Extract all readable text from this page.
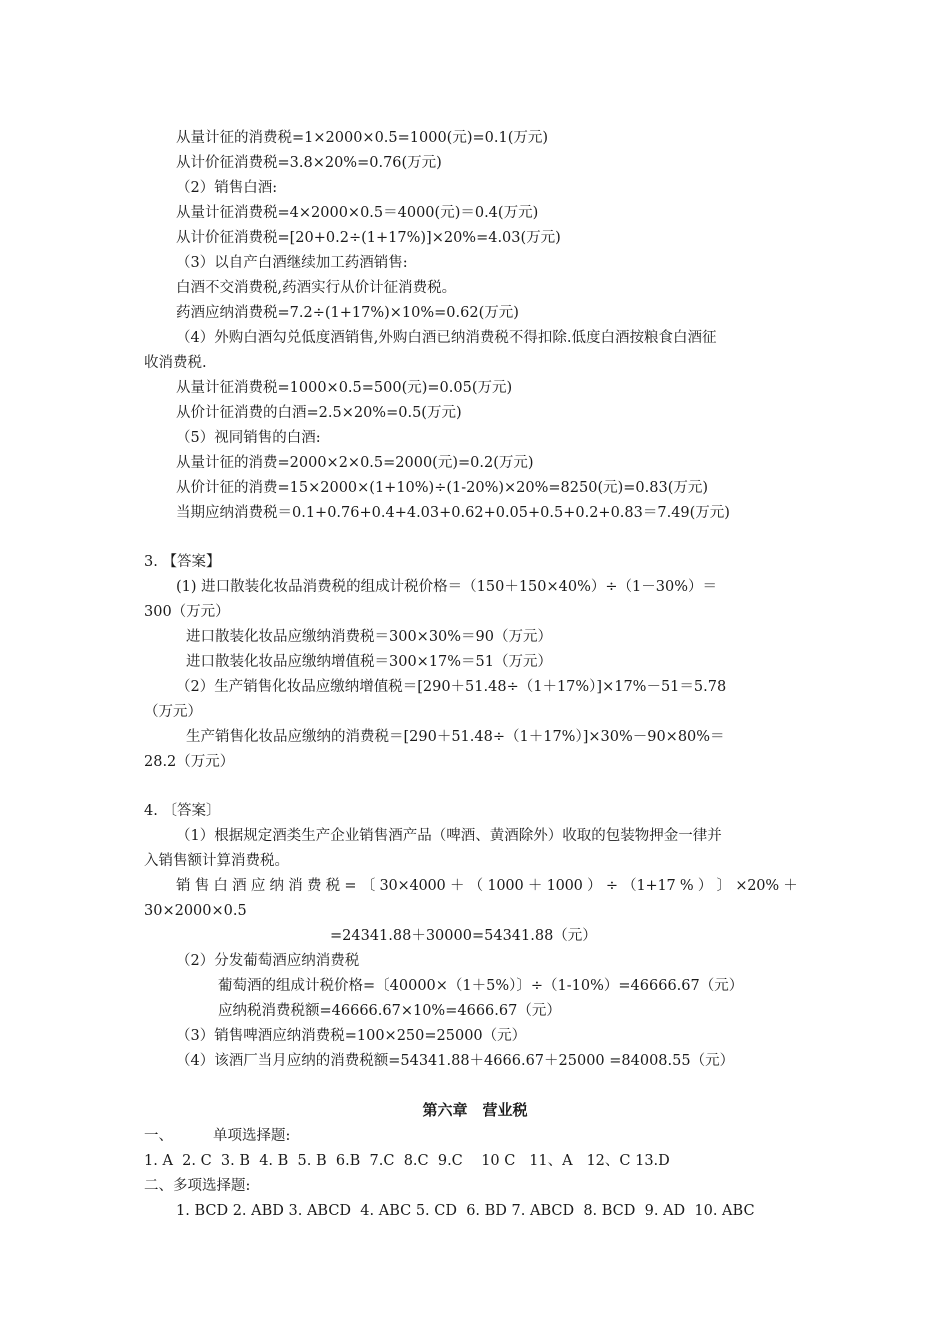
从量计征的消费税=1×2000×0.5=1000(元)=0.1(万元)
从计价征消费税=3.8×20%=0.76(万元)
（2）销售白酒:
从量计征消费税=4×2000×0.5＝4000(元)＝0.4(万元)
从计价征消费税=[20+0.2÷(1+17%)]×20%=4.03(万元)
（3）以自产白酒继续加工药酒销售:
白酒不交消费税,药酒实行从价计征消费税。
药酒应纳消费税=7.2÷(1+17%)×10%=0.62(万元)
（4）外购白酒勾兑低度酒销售,外购白酒已纳消费税不得扣除.低度白酒按粮食白酒征
收消费税.
从量计征消费税=1000×0.5=500(元)=0.05(万元)
从价计征消费的白酒=2.5×20%=0.5(万元)
（5）视同销售的白酒:
从量计征的消费=2000×2×0.5=2000(元)=0.2(万元)
从价计征的消费=15×2000×(1+10%)÷(1-20%)×20%=8250(元)=0.83(万元)
当期应纳消费税＝0.1+0.76+0.4+4.03+0.62+0.05+0.5+0.2+0.83＝7.49(万元)
3. 【答案】
(1) 进口散装化妆品消费税的组成计税价格＝（150＋150×40%）÷（1－30%）＝
300（万元）
进口散装化妆品应缴纳消费税＝300×30%＝90（万元）
进口散装化妆品应缴纳增值税＝300×17%＝51（万元）
（2）生产销售化妆品应缴纳增值税＝[290＋51.48÷（1＋17%）]×17%－51＝5.78
（万元）
生产销售化妆品应缴纳的消费税＝[290＋51.48÷（1＋17%）]×30%－90×80%＝
28.2（万元）
4. 〔答案〕
（1）根据规定酒类生产企业销售酒产品（啤酒、黄酒除外）收取的包装物押金一律并
入销售额计算消费税。
销 售 白 酒 应 纳 消 费 税 = 〔 30×4000 ＋ （ 1000 ＋ 1000 ） ÷ （1+17 % ） 〕 ×20% ＋
30×2000×0.5
=24341.88＋30000=54341.88（元）
（2）分发葡萄酒应纳消费税
葡萄酒的组成计税价格=〔40000×（1＋5%）〕÷（1-10%）=46666.67（元）
应纳税消费税额=46666.67×10%=4666.67（元）
（3）销售啤酒应纳消费税=100×250=25000（元）
（4）该酒厂当月应纳的消费税额=54341.88＋4666.67＋25000 =84008.55（元）
第六章　营业税
一、	单项选择题:
1. A  2. C  3. B  4. B  5. B  6.B  7.C  8.C  9.C    10 C   11、A   12、C 13.D
二、多项选择题:
1. BCD 2. ABD 3. ABCD  4. ABC 5. CD  6. BD 7. ABCD  8. BCD  9. AD  10. ABC
